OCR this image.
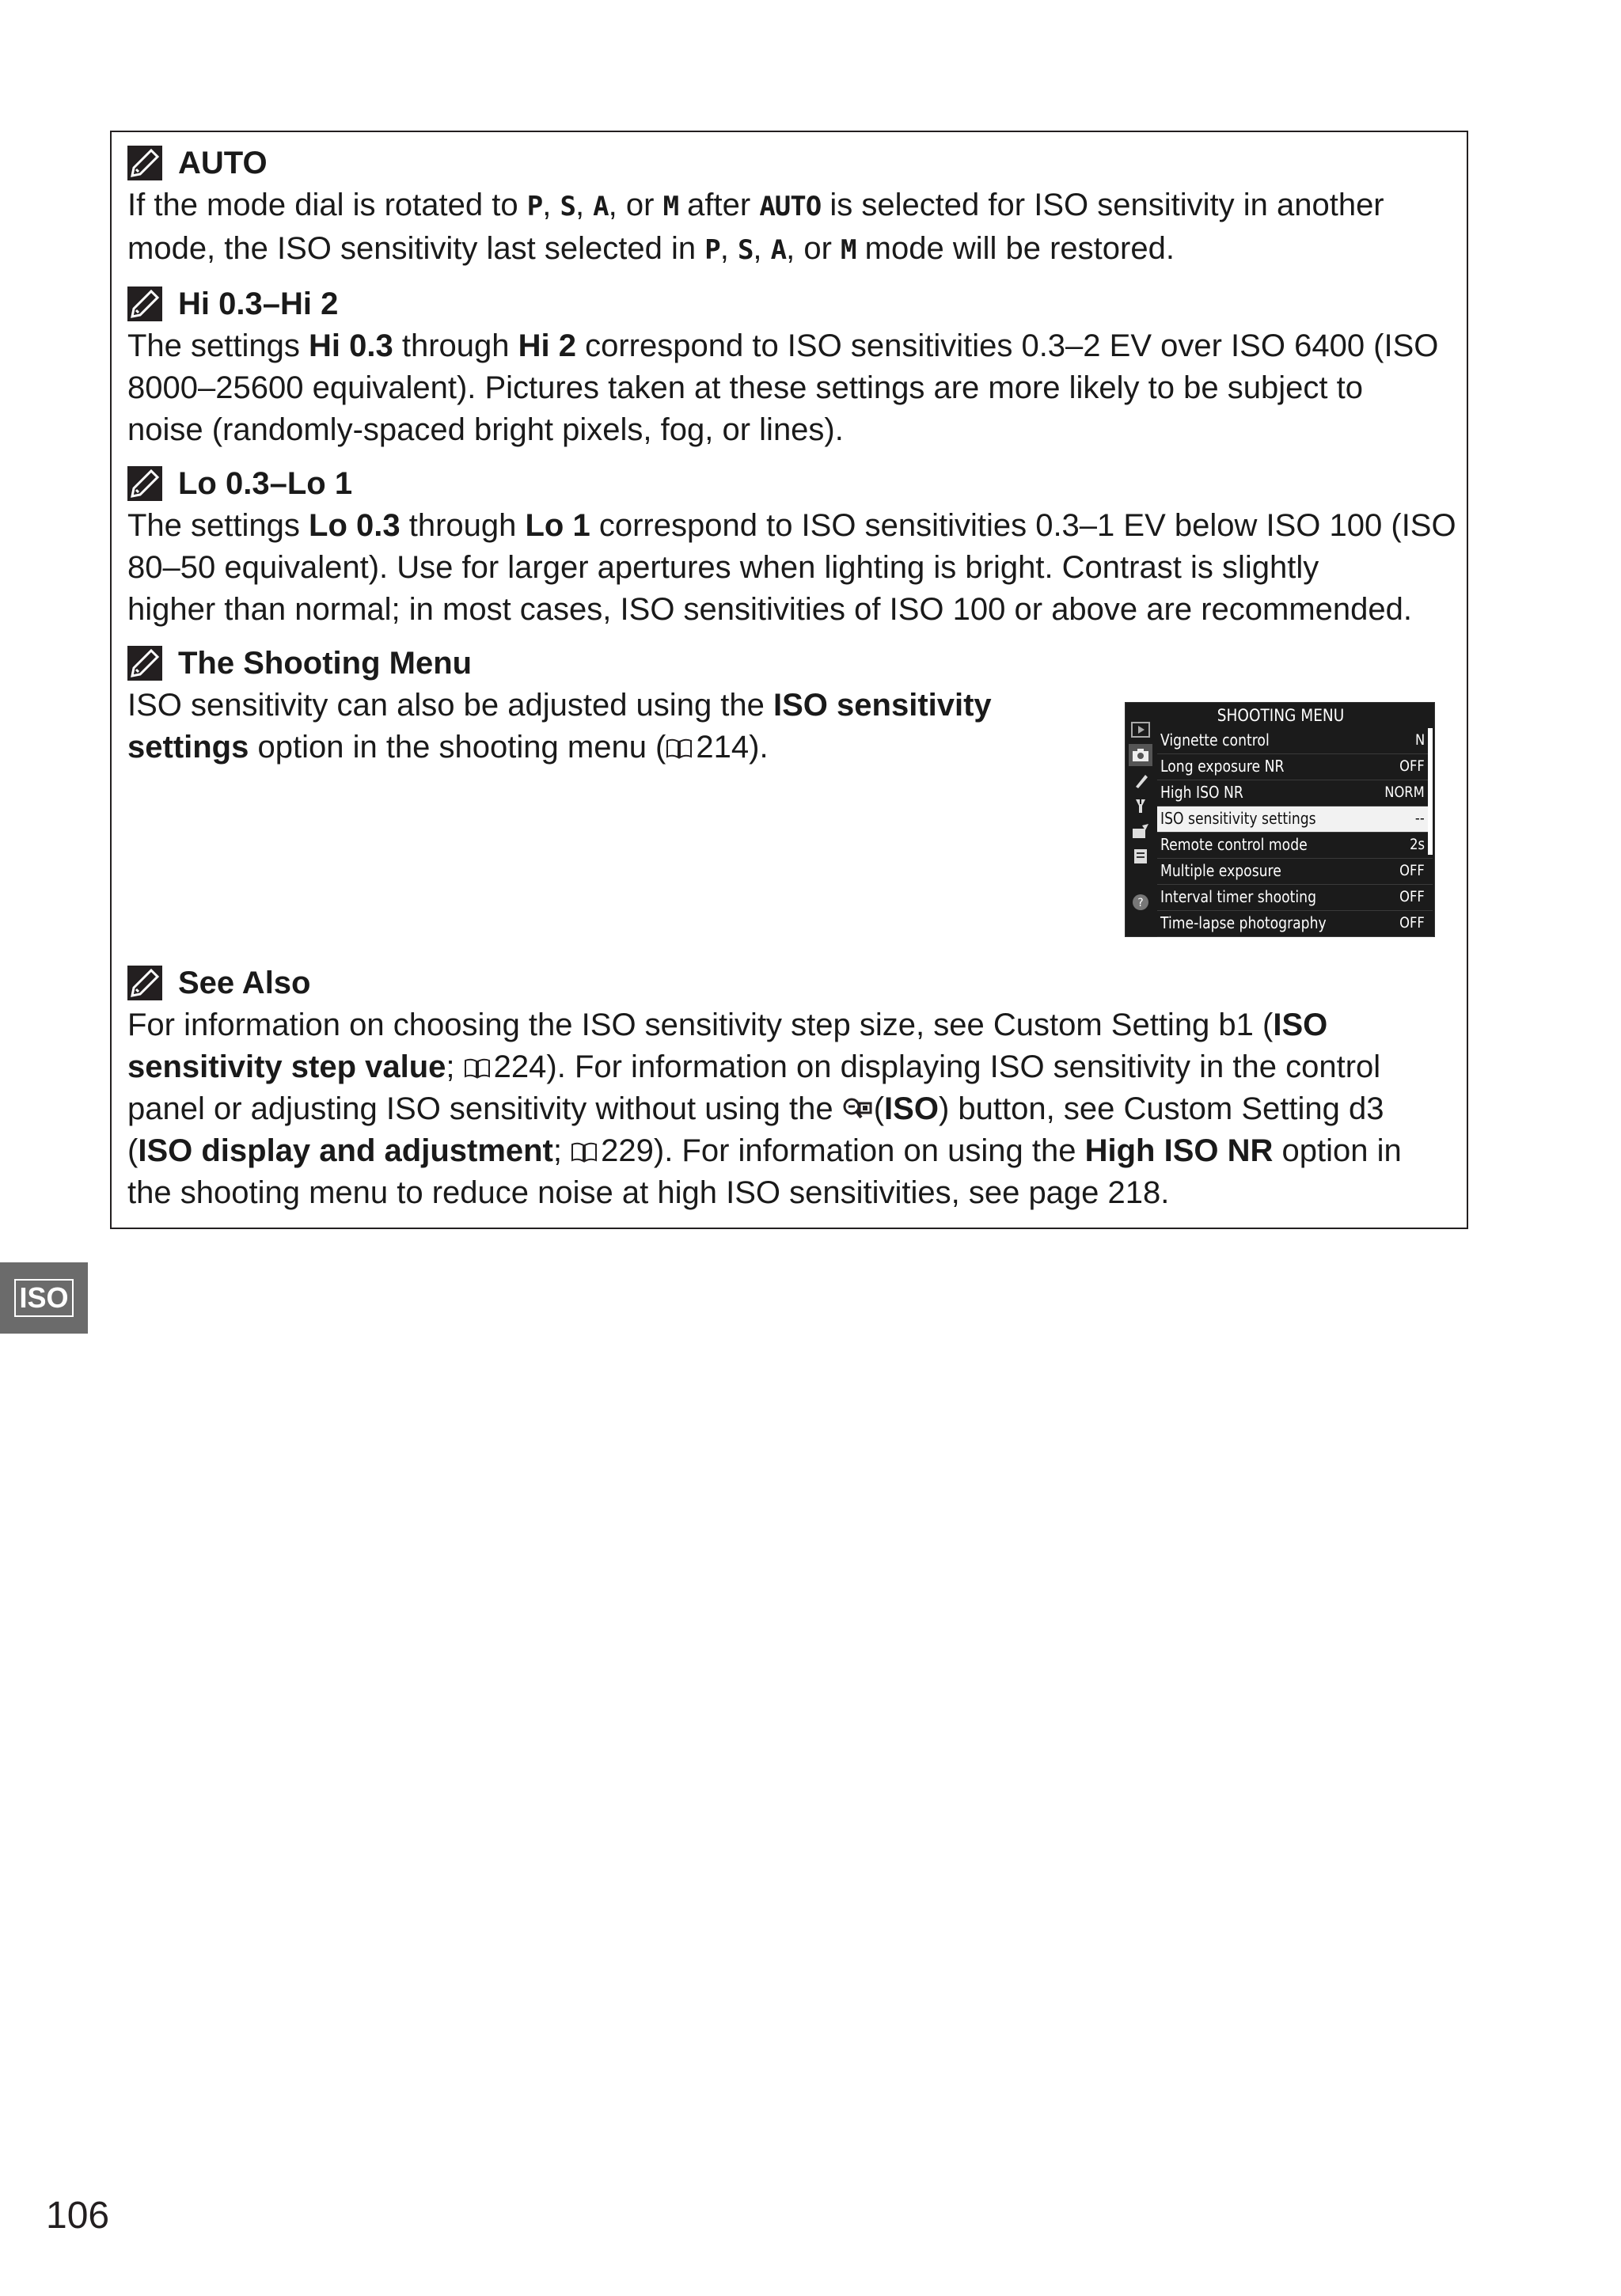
AUTO
If the mode dial is rotated to P, S, A, or M after AUTO is selected for ISO sensitivity in another
mode, the ISO sensitivity last selected in P, S, A, or M mode will be restored.
Hi 0.3–Hi 2
The settings Hi 0.3 through Hi 2 correspond to ISO sensitivities 0.3–2 EV over ISO 6400 (ISO
8000–25600 equivalent). Pictures taken at these settings are more likely to be subject to
noise (randomly-spaced bright pixels, fog, or lines).
Lo 0.3–Lo 1
The settings Lo 0.3 through Lo 1 correspond to ISO sensitivities 0.3–1 EV below ISO 100 (ISO
80–50 equivalent). Use for larger apertures when lighting is bright. Contrast is slightly
higher than normal; in most cases, ISO sensitivities of ISO 100 or above are recommended.
The Shooting Menu
ISO sensitivity can also be adjusted using the ISO sensitivity
settings option in the shooting menu ( 214).
See Also
For information on choosing the ISO sensitivity step size, see Custom Setting b1 (ISO
sensitivity step value; 224). For information on displaying ISO sensitivity in the control
panel or adjusting ISO sensitivity without using the (ISO) button, see Custom Setting d3
(ISO display and adjustment; 229). For information on using the High ISO NR option in
the shooting menu to reduce noise at high ISO sensitivities, see page 218.
SHOOTING MENU
?
Vignette control	N
Long exposure NR	OFF
High ISO NR	NORM
ISO sensitivity settings	--
Remote control mode	2s
Multiple exposure	OFF
Interval timer shooting	OFF
Time-lapse photography	OFF
ISO
106
